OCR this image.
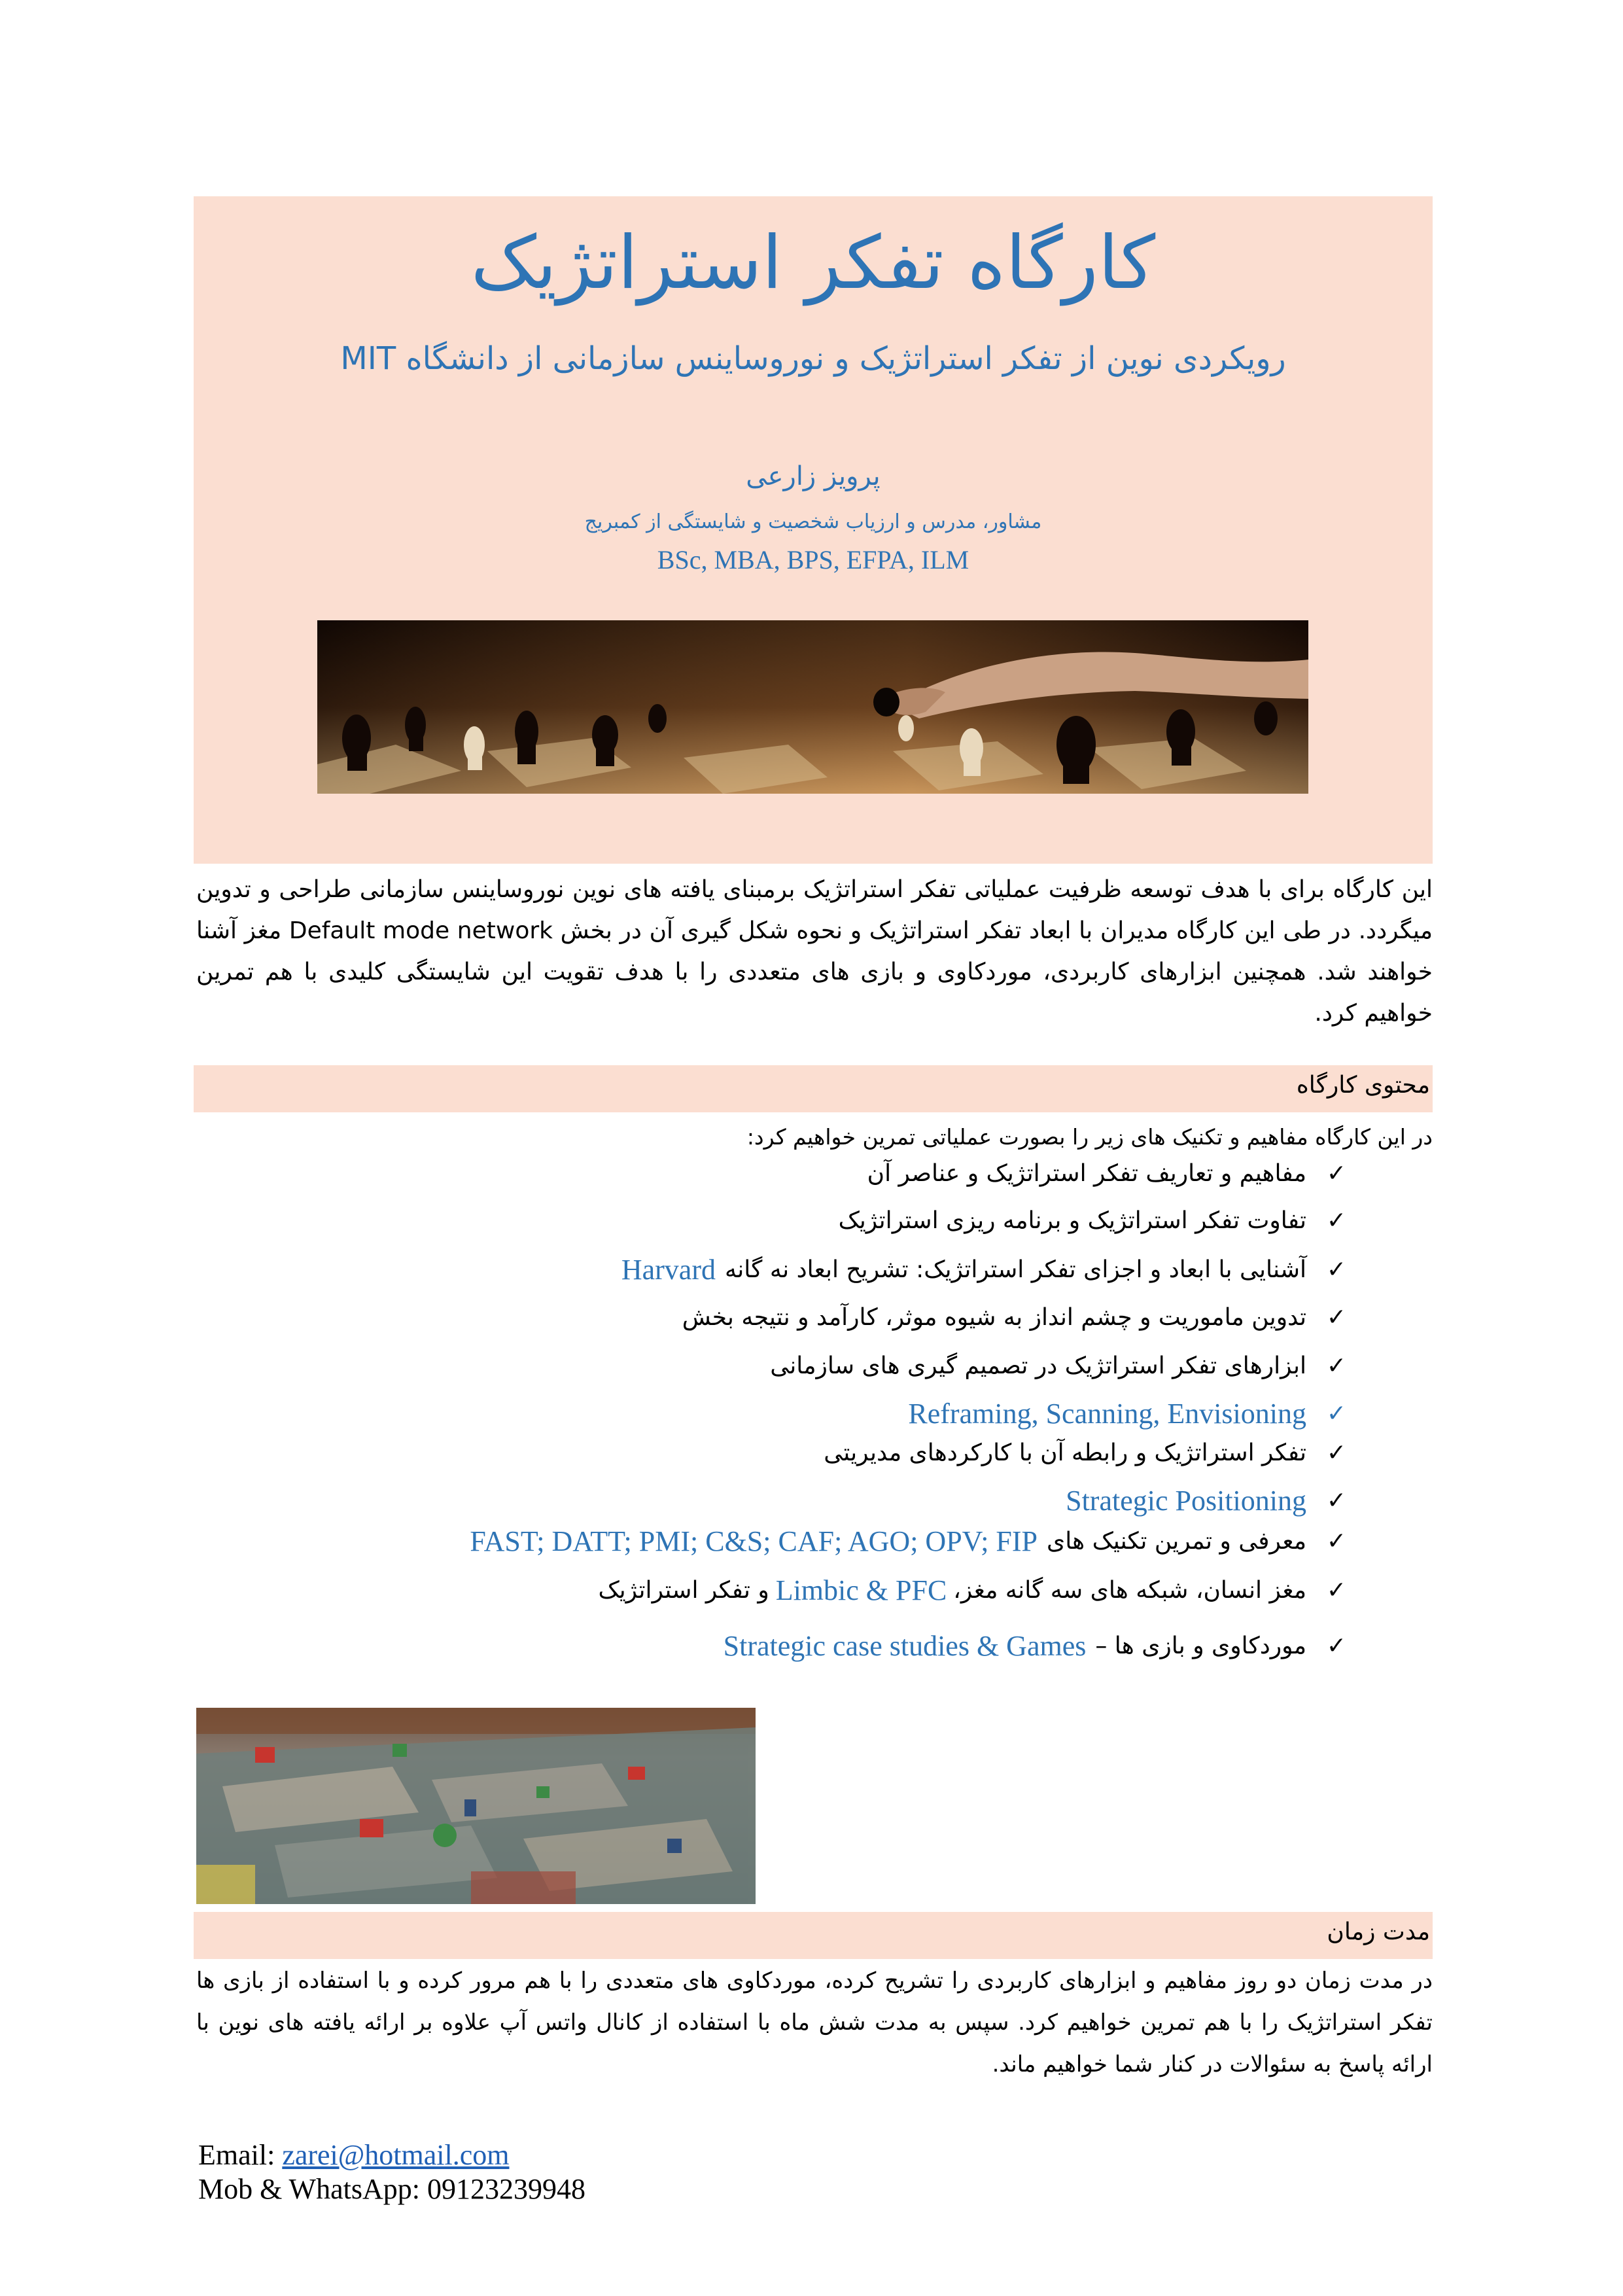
کارگاه تفکر استراتژیک
رویکردی نوین از تفکر استراتژیک و نوروساینس سازمانی از دانشگاه MIT
پرویز زارعی
مشاور، مدرس و ارزیاب شخصیت و شایستگی از کمبریج
BSc, MBA, BPS, EFPA, ILM
این کارگاه برای با هدف توسعه ظرفیت عملیاتی تفکر استراتژیک برمبنای یافته های نوین نوروساینس سازمانی طراحی و تدوین میگردد. در طی این کارگاه مدیران با ابعاد تفکر استراتژیک و نحوه شکل گیری آن در بخش Default mode network مغز آشنا خواهند شد. همچنین ابزارهای کاربردی، موردکاوی و بازی های متعددی را با هدف تقویت این شایستگی کلیدی با هم تمرین خواهیم کرد.
محتوی کارگاه
در این کارگاه مفاهیم و تکنیک های زیر را بصورت عملیاتی تمرین خواهیم کرد:
✓
مفاهیم و تعاریف تفکر استراتژیک و عناصر آن
✓
تفاوت تفکر استراتژیک و برنامه ریزی استراتژیک
✓
آشنایی با ابعاد و اجزای تفکر استراتژیک: تشریح ابعاد نه گانه
Harvard
✓
تدوین ماموریت و چشم انداز به شیوه موثر، کارآمد و نتیجه بخش
✓
ابزارهای تفکر استراتژیک در تصمیم گیری های سازمانی
✓
Reframing, Scanning, Envisioning
✓
تفکر استراتژیک و رابطه آن با کارکردهای مدیریتی
✓
Strategic Positioning
✓
معرفی و تمرین تکنیک های
FAST; DATT; PMI; C&S; CAF; AGO; OPV; FIP
✓
مغز انسان، شبکه های سه گانه مغز،
Limbic & PFC
و تفکر استراتژیک
✓
موردکاوی و بازی ها –
Strategic case studies & Games
مدت زمان
در مدت زمان دو روز مفاهیم و ابزارهای کاربردی را تشریح کرده، موردکاوی های متعددی را با هم مرور کرده و با استفاده از بازی ها تفکر استراتژیک را با هم تمرین خواهیم کرد. سپس به مدت شش ماه با استفاده از کانال واتس آپ علاوه بر ارائه یافته های نوین با ارائه پاسخ به سئوالات در کنار شما خواهیم ماند.
Email: zarei@hotmail.com
Mob & WhatsApp: 09123239948
